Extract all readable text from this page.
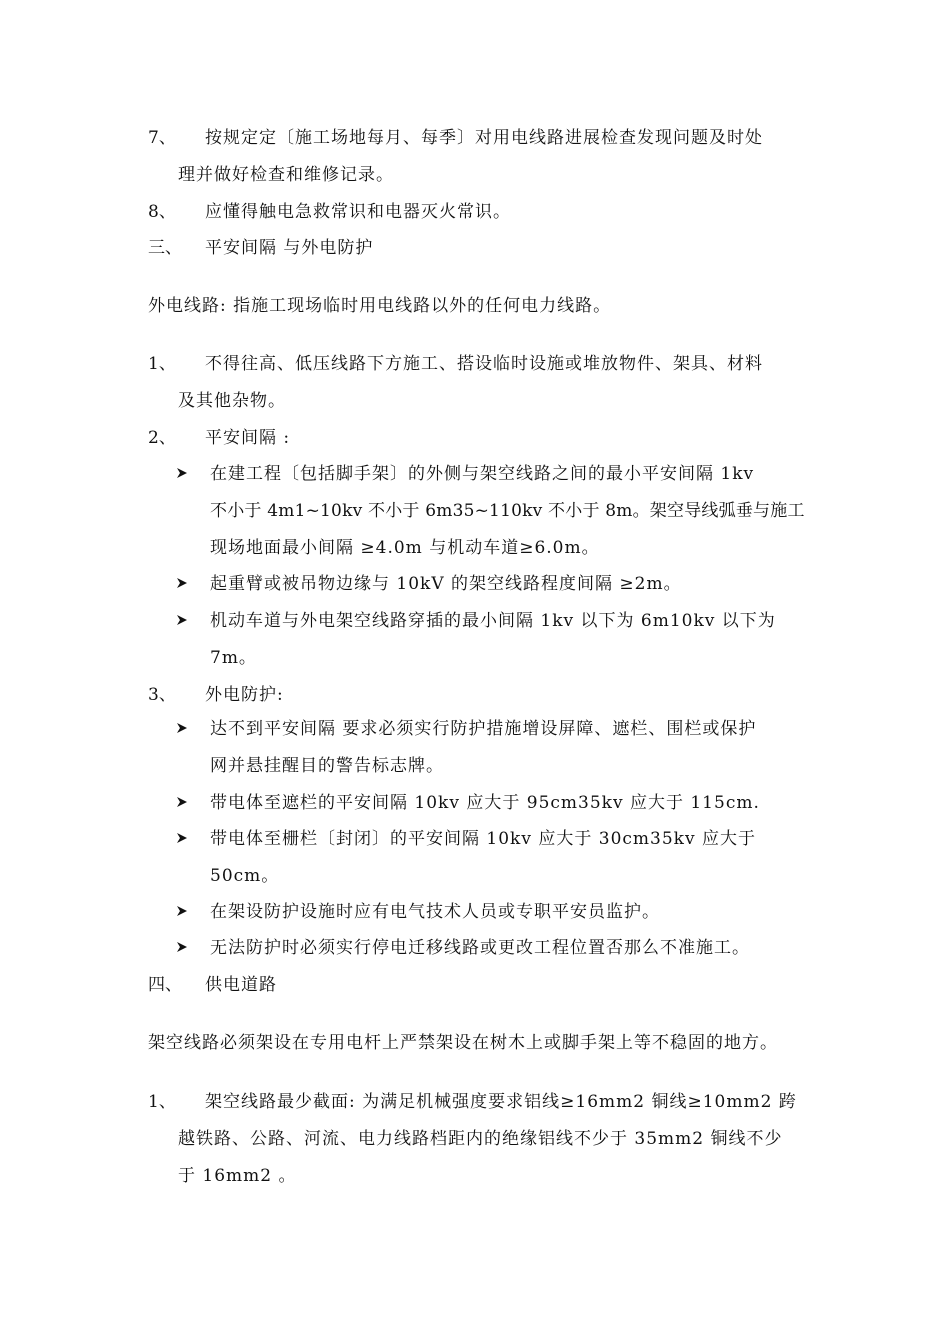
7、 按规定定〔施工场地每月、每季〕对用电线路进展检查发现问题及时处
理并做好检查和维修记录。
8、 应懂得触电急救常识和电器灭火常识。
三、 平安间隔 与外电防护
外电线路: 指施工现场临时用电线路以外的任何电力线路。
1、 不得往高、低压线路下方施工、搭设临时设施或堆放物件、架具、材料
及其他杂物。
2、 平安间隔 :
在建工程〔包括脚手架〕的外侧与架空线路之间的最小平安间隔 1kv
不小于 4m1~10kv 不小于 6m35~110kv 不小于 8m。架空导线弧垂与施工
现场地面最小间隔 ≥4.0m 与机动车道≥6.0m。
起重臂或被吊物边缘与 10kV 的架空线路程度间隔 ≥2m。
机动车道与外电架空线路穿插的最小间隔 1kv 以下为 6m10kv 以下为
7m。
3、 外电防护:
达不到平安间隔 要求必须实行防护措施增设屏障、遮栏、围栏或保护
网并悬挂醒目的警告标志牌。
带电体至遮栏的平安间隔 10kv 应大于 95cm35kv 应大于 115cm.
带电体至栅栏〔封闭〕的平安间隔 10kv 应大于 30cm35kv 应大于
50cm。
在架设防护设施时应有电气技术人员或专职平安员监护。
无法防护时必须实行停电迁移线路或更改工程位置否那么不准施工。
四、 供电道路
架空线路必须架设在专用电杆上严禁架设在树木上或脚手架上等不稳固的地方。
1、 架空线路最少截面: 为满足机械强度要求铝线≥16mm2 铜线≥10mm2 跨
越铁路、公路、河流、电力线路档距内的绝缘铝线不少于 35mm2 铜线不少
于 16mm2 。
